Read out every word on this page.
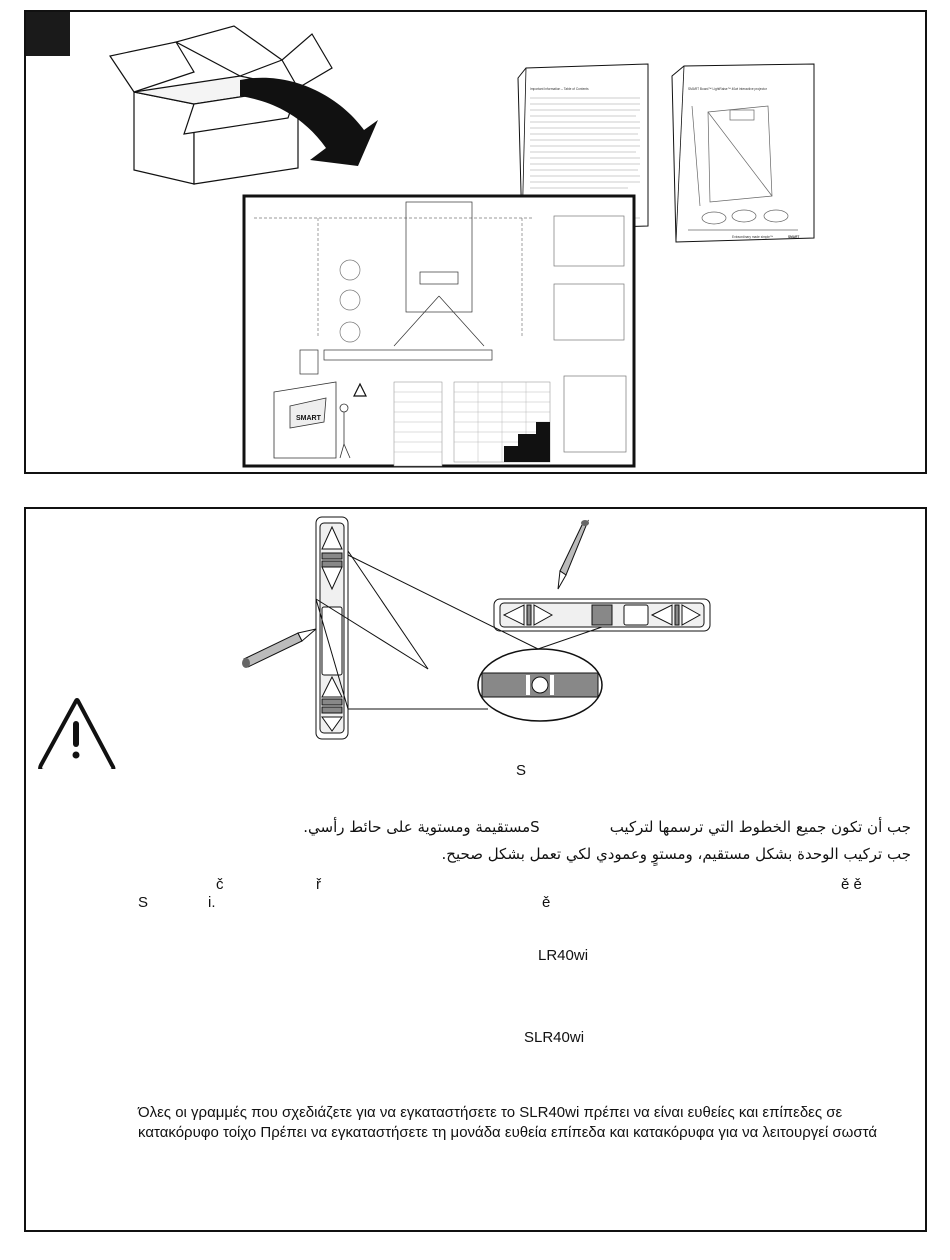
Important Information – Table of Contents	SMART Board™ LightRaise™ 40wi interactive projector
Extraordinary made simple™	SMART
SMART
S
جب أن تكون جميع الخطوط التي ترسمها لتركيبSمستقيمة ومستوية على حائط رأسي.
جب تركيب الوحدة بشكل مستقيم، ومستوٍ وعمودي لكي تعمل بشكل صحيح.
č	ř	ě ě
S	i.	ě
LR40wi
SLR40wi
Όλες οι γραμμές που σχεδιάζετε για να εγκαταστήσετε το SLR40wi πρέπει να είναι ευθείες και επίπεδες σε κατακόρυφο τοίχο Πρέπει να εγκαταστήσετε τη μονάδα ευθεία επίπεδα και κατακόρυφα για να λειτουργεί σωστά
